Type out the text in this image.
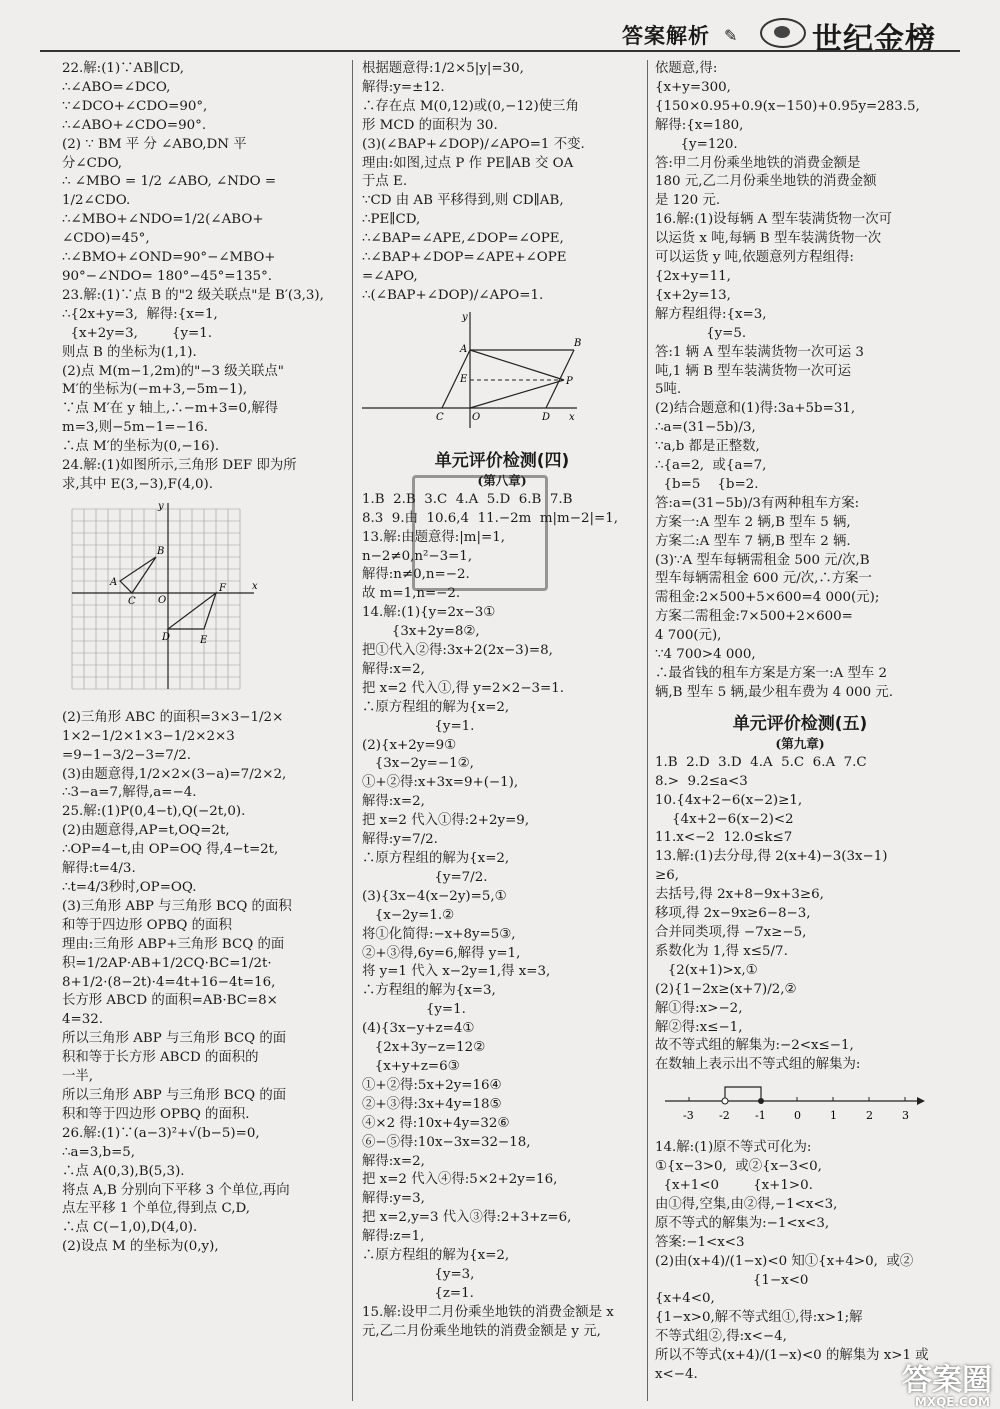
答案解析 ✎ 世纪金榜
22.解:(1)∵AB∥CD,
∴∠ABO=∠DCO,
∵∠DCO+∠CDO=90°,
∴∠ABO+∠CDO=90°.
(2) ∵ BM 平 分 ∠ABO,DN 平
分∠CDO,
∴ ∠MBO = 1/2 ∠ABO, ∠NDO =
1/2∠CDO.
∴∠MBO+∠NDO=1/2(∠ABO+
∠CDO)=45°,
∴∠BMO+∠OND=90°−∠MBO+
90°−∠NDO= 180°−45°=135°.
23.解:(1)∵点 B 的"2 级关联点"是 B′(3,3),
∴{2x+y=3,  解得:{x=1,
{x+2y=3,        {y=1.
则点 B 的坐标为(1,1).
(2)点 M(m−1,2m)的"−3 级关联点"
M′的坐标为(−m+3,−5m−1),
∵点 M′在 y 轴上,∴−m+3=0,解得
m=3,则−5m−1=−16.
∴点 M′的坐标为(0,−16).
24.解:(1)如图所示,三角形 DEF 即为所
求,其中 E(3,−3),F(4,0).
x
y
O
A
B
C
D	E
F
(2)三角形 ABC 的面积=3×3−1/2×
1×2−1/2×1×3−1/2×2×3
=9−1−3/2−3=7/2.
(3)由题意得,1/2×2×(3−a)=7/2×2,
∴3−a=7,解得,a=−4.
25.解:(1)P(0,4−t),Q(−2t,0).
(2)由题意得,AP=t,OQ=2t,
∴OP=4−t,由 OP=OQ 得,4−t=2t,
解得:t=4/3.
∴t=4/3秒时,OP=OQ.
(3)三角形 ABP 与三角形 BCQ 的面积
和等于四边形 OPBQ 的面积
理由:三角形 ABP+三角形 BCQ 的面
积=1/2AP·AB+1/2CQ·BC=1/2t·
8+1/2·(8−2t)·4=4t+16−4t=16,
长方形 ABCD 的面积=AB·BC=8×
4=32.
所以三角形 ABP 与三角形 BCQ 的面
积和等于长方形 ABCD 的面积的
一半,
所以三角形 ABP 与三角形 BCQ 的面
积和等于四边形 OPBQ 的面积.
26.解:(1)∵(a−3)²+√(b−5)=0,
∴a=3,b=5,
∴点 A(0,3),B(5,3).
将点 A,B 分别向下平移 3 个单位,再向
点左平移 1 个单位,得到点 C,D,
∴点 C(−1,0),D(4,0).
(2)设点 M 的坐标为(0,y),
根据题意得:1/2×5|y|=30,
解得:y=±12.
∴存在点 M(0,12)或(0,−12)使三角
形 MCD 的面积为 30.
(3)(∠BAP+∠DOP)/∠APO=1 不变.
理由:如图,过点 P 作 PE∥AB 交 OA
于点 E.
∵CD 由 AB 平移得到,则 CD∥AB,
∴PE∥CD,
∴∠BAP=∠APE,∠DOP=∠OPE,
∴∠BAP+∠DOP=∠APE+∠OPE
=∠APO,
∴(∠BAP+∠DOP)/∠APO=1.
x
y
A
B
E	P
C	O	D
单元评价检测(四)
(第八章)
1.B  2.B  3.C  4.A  5.D  6.B  7.B
8.3  9.由  10.6,4  11.−2m  m|m−2|=1,
13.解:由题意得:|m|=1,
n−2≠0,n²−3=1,
解得:n≠0,n=−2.
故 m=1,n=−2.
14.解:(1){y=2x−3①
{3x+2y=8②,
把①代入②得:3x+2(2x−3)=8,
解得:x=2,
把 x=2 代入①,得 y=2×2−3=1.
∴原方程组的解为{x=2,
{y=1.
(2){x+2y=9①
{3x−2y=−1②,
①+②得:x+3x=9+(−1),
解得:x=2,
把 x=2 代入①得:2+2y=9,
解得:y=7/2.
∴原方程组的解为{x=2,
{y=7/2.
(3){3x−4(x−2y)=5,①
{x−2y=1.②
将①化简得:−x+8y=5③,
②+③得,6y=6,解得 y=1,
将 y=1 代入 x−2y=1,得 x=3,
∴方程组的解为{x=3,
{y=1.
(4){3x−y+z=4①
{2x+3y−z=12②
{x+y+z=6③
①+②得:5x+2y=16④
②+③得:3x+4y=18⑤
④×2 得:10x+4y=32⑥
⑥−⑤得:10x−3x=32−18,
解得:x=2,
把 x=2 代入④得:5×2+2y=16,
解得:y=3,
把 x=2,y=3 代入③得:2+3+z=6,
解得:z=1,
∴原方程组的解为{x=2,
{y=3,
{z=1.
15.解:设甲二月份乘坐地铁的消费金额是 x
元,乙二月份乘坐地铁的消费金额是 y 元,
依题意,得:
{x+y=300,
{150×0.95+0.9(x−150)+0.95y=283.5,
解得:{x=180,
{y=120.
答:甲二月份乘坐地铁的消费金额是
180 元,乙二月份乘坐地铁的消费金额
是 120 元.
16.解:(1)设每辆 A 型车装满货物一次可
以运货 x 吨,每辆 B 型车装满货物一次
可以运货 y 吨,依题意列方程组得:
{2x+y=11,
{x+2y=13,
解方程组得:{x=3,
{y=5.
答:1 辆 A 型车装满货物一次可运 3
吨,1 辆 B 型车装满货物一次可运
5吨.
(2)结合题意和(1)得:3a+5b=31,
∴a=(31−5b)/3,
∵a,b 都是正整数,
∴{a=2,  或{a=7,
{b=5    {b=2.
答:a=(31−5b)/3有两种租车方案:
方案一:A 型车 2 辆,B 型车 5 辆,
方案二:A 型车 7 辆,B 型车 2 辆.
(3)∵A 型车每辆需租金 500 元/次,B
型车每辆需租金 600 元/次,∴方案一
需租金:2×500+5×600=4 000(元);
方案二需租金:7×500+2×600=
4 700(元),
∵4 700>4 000,
∴最省钱的租车方案是方案一:A 型车 2
辆,B 型车 5 辆,最少租车费为 4 000 元.
单元评价检测(五)
(第九章)
1.B  2.D  3.D  4.A  5.C  6.A  7.C
8.>  9.2≤a<3
10.{4x+2−6(x−2)≥1,
{4x+2−6(x−2)<2
11.x<−2  12.0≤k≤7
13.解:(1)去分母,得 2(x+4)−3(3x−1)
≥6,
去括号,得 2x+8−9x+3≥6,
移项,得 2x−9x≥6−8−3,
合并同类项,得 −7x≥−5,
系数化为 1,得 x≤5/7.
{2(x+1)>x,①
(2){1−2x≥(x+7)/2,②
解①得:x>−2,
解②得:x≤−1,
故不等式组的解集为:−2<x≤−1,
在数轴上表示出不等式组的解集为:
-3 -2 -1	0	1	2	3
14.解:(1)原不等式可化为:
①{x−3>0,  或②{x−3<0,
{x+1<0        {x+1>0.
由①得,空集,由②得,−1<x<3,
原不等式的解集为:−1<x<3,
答案:−1<x<3
(2)由(x+4)/(1−x)<0 知①{x+4>0,  或②
{1−x<0
{x+4<0,
{1−x>0,解不等式组①,得:x>1;解
不等式组②,得:x<−4,
所以不等式(x+4)/(1−x)<0 的解集为 x>1 或
x<−4.	答案圈
MXQE.COM
